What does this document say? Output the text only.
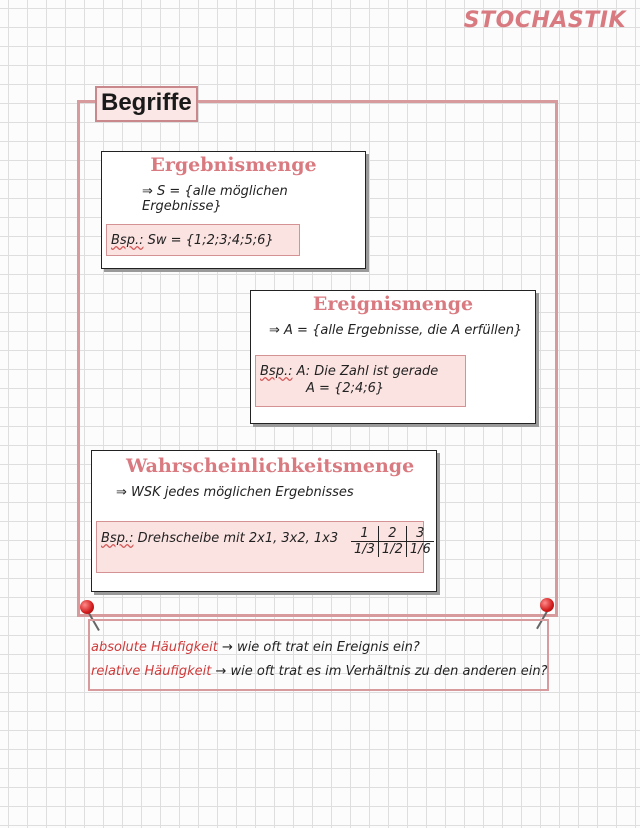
STOCHASTIK
Begriffe
Ergebnismenge
⇒ S = {alle möglichen Ergebnisse}
Bsp.: Sw = {1;2;3;4;5;6}
Ereignismenge
⇒ A = {alle Ergebnisse, die A erfüllen}
Bsp.: A: Die Zahl ist gerade
A = {2;4;6}
Wahrscheinlichkeitsmenge
⇒ WSK jedes möglichen Ergebnisses
Bsp.: Drehscheibe mit 2x1, 3x2, 1x3 1	2	3
1/3	1/2	1/6
absolute Häufigkeit → wie oft trat ein Ereignis ein?
relative Häufigkeit → wie oft trat es im Verhältnis zu den anderen ein?
